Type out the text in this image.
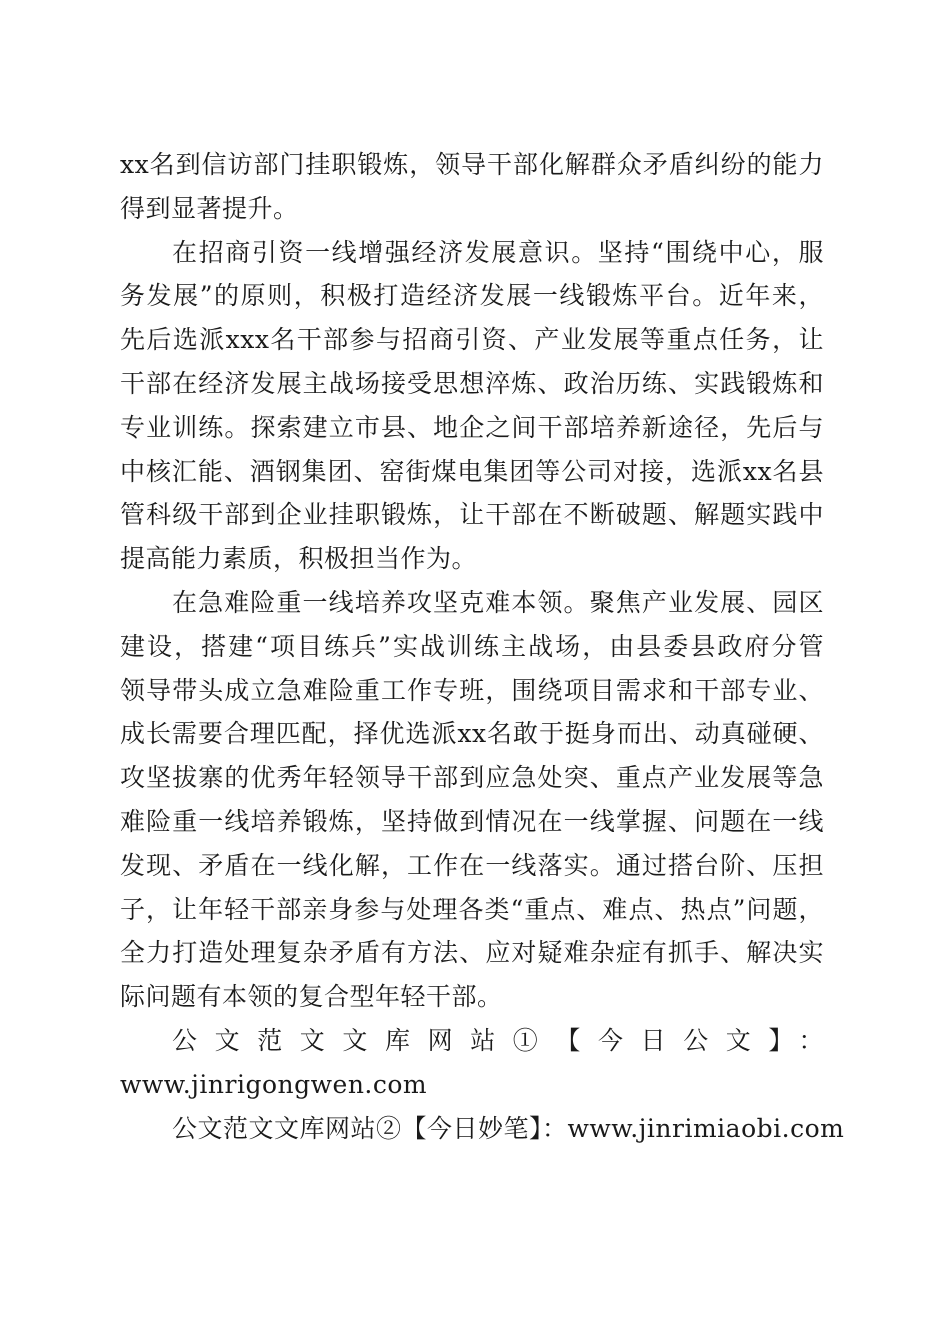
xx名到信访部门挂职锻炼，领导干部化解群众矛盾纠纷的能力
得到显著提升。
在招商引资一线增强经济发展意识。坚持“围绕中心，服
务发展”的原则，积极打造经济发展一线锻炼平台。近年来，
先后选派xxx名干部参与招商引资、产业发展等重点任务，让
干部在经济发展主战场接受思想淬炼、政治历练、实践锻炼和
专业训练。探索建立市县、地企之间干部培养新途径，先后与
中核汇能、酒钢集团、窑街煤电集团等公司对接，选派xx名县
管科级干部到企业挂职锻炼，让干部在不断破题、解题实践中
提高能力素质，积极担当作为。
在急难险重一线培养攻坚克难本领。聚焦产业发展、园区
建设，搭建“项目练兵”实战训练主战场，由县委县政府分管
领导带头成立急难险重工作专班，围绕项目需求和干部专业、
成长需要合理匹配，择优选派xx名敢于挺身而出、动真碰硬、
攻坚拔寨的优秀年轻领导干部到应急处突、重点产业发展等急
难险重一线培养锻炼，坚持做到情况在一线掌握、问题在一线
发现、矛盾在一线化解，工作在一线落实。通过搭台阶、压担
子，让年轻干部亲身参与处理各类“重点、难点、热点”问题，
全力打造处理复杂矛盾有方法、应对疑难杂症有抓手、解决实
际问题有本领的复合型年轻干部。
公文范文文库网站①【今日公文】：
www.jinrigongwen.com
公文范文文库网站②【今日妙笔】：www.jinrimiaobi.com
